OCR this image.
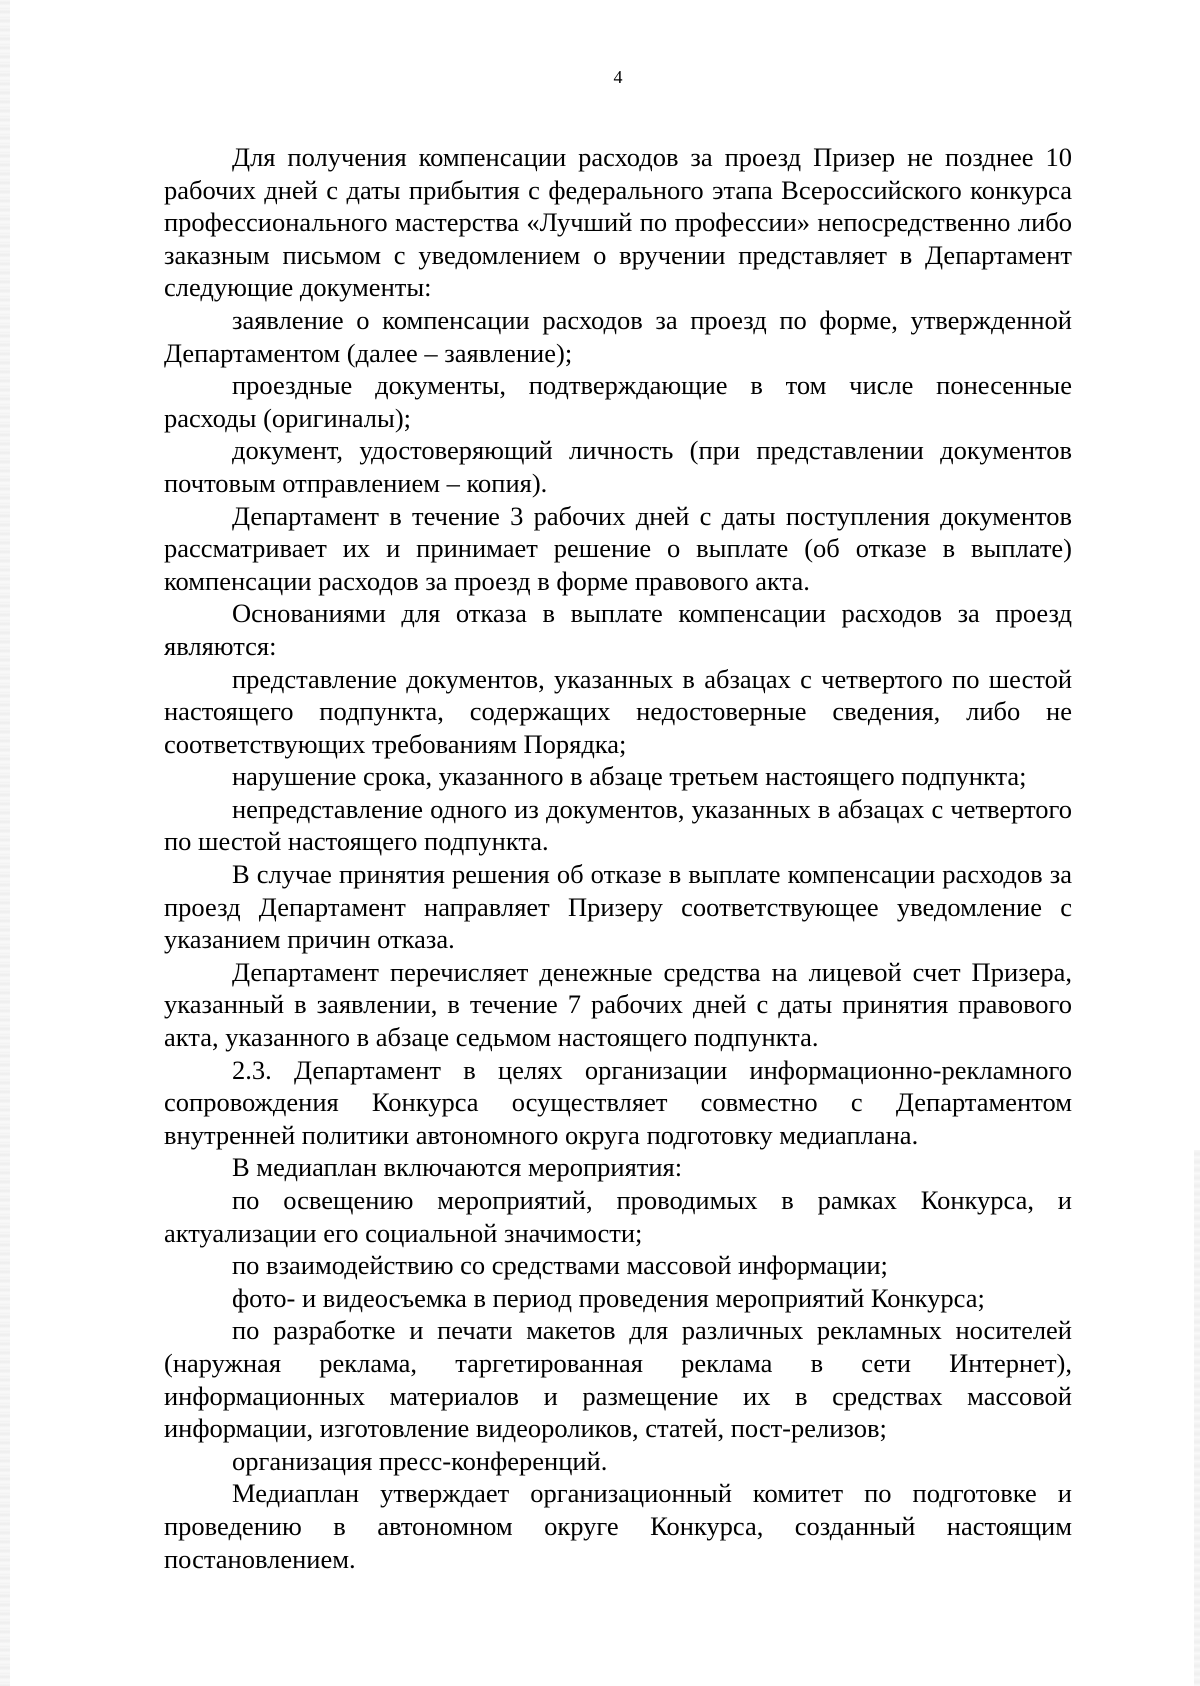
4

Для получения компенсации расходов за проезд Призер не позднее 10 рабочих дней с даты прибытия с федерального этапа Всероссийского конкурса профессионального мастерства «Лучший по профессии» непосредственно либо заказным письмом с уведомлением о вручении представляет в Департамент следующие документы:

заявление о компенсации расходов за проезд по форме, утвержденной Департаментом (далее – заявление);

проездные документы, подтверждающие в том числе понесенные расходы (оригиналы);

документ, удостоверяющий личность (при представлении документов почтовым отправлением – копия).

Департамент в течение 3 рабочих дней с даты поступления документов рассматривает их и принимает решение о выплате (об отказе в выплате) компенсации расходов за проезд в форме правового акта.

Основаниями для отказа в выплате компенсации расходов за проезд являются:

представление документов, указанных в абзацах с четвертого по шестой настоящего подпункта, содержащих недостоверные сведения, либо не соответствующих требованиям Порядка;

нарушение срока, указанного в абзаце третьем настоящего подпункта;

непредставление одного из документов, указанных в абзацах с четвертого по шестой настоящего подпункта.

В случае принятия решения об отказе в выплате компенсации расходов за проезд Департамент направляет Призеру соответствующее уведомление с указанием причин отказа.

Департамент перечисляет денежные средства на лицевой счет Призера, указанный в заявлении, в течение 7 рабочих дней с даты принятия правового акта, указанного в абзаце седьмом настоящего подпункта.

2.3. Департамент в целях организации информационно-рекламного сопровождения Конкурса осуществляет совместно с Департаментом внутренней политики автономного округа подготовку медиаплана.

В медиаплан включаются мероприятия:

по освещению мероприятий, проводимых в рамках Конкурса, и актуализации его социальной значимости;

по взаимодействию со средствами массовой информации;

фото- и видеосъемка в период проведения мероприятий Конкурса;

по разработке и печати макетов для различных рекламных носителей (наружная реклама, таргетированная реклама в сети Интернет), информационных материалов и размещение их в средствах массовой информации, изготовление видеороликов, статей, пост-релизов;

организация пресс-конференций.

Медиаплан утверждает организационный комитет по подготовке и проведению в автономном округе Конкурса, созданный настоящим постановлением.
